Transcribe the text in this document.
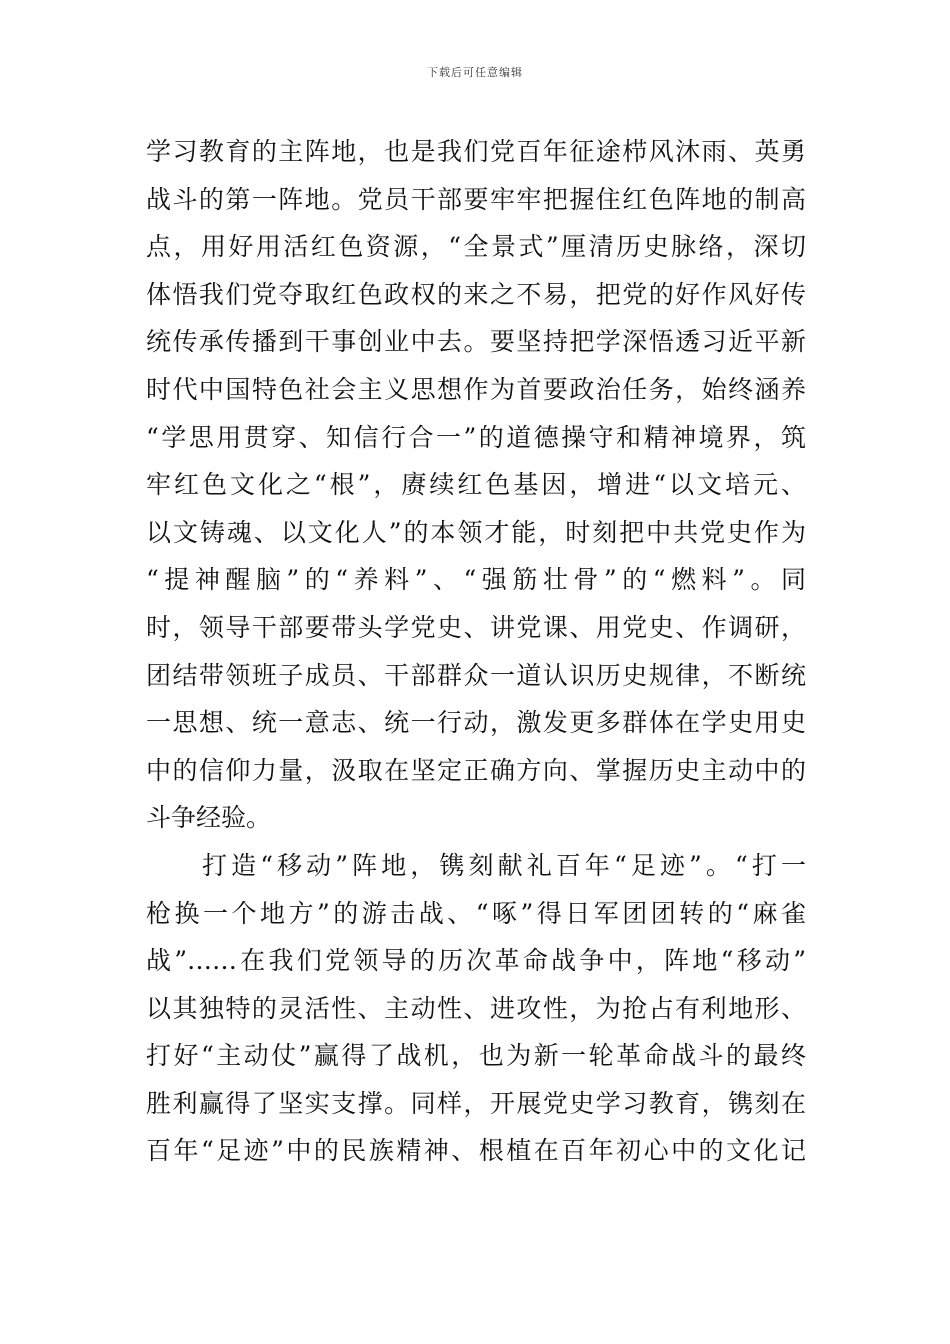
下载后可任意编辑
学习教育的主阵地，也是我们党百年征途栉风沐雨、英勇
战斗的第一阵地。党员干部要牢牢把握住红色阵地的制高
点，用好用活红色资源，“全景式”厘清历史脉络，深切
体悟我们党夺取红色政权的来之不易，把党的好作风好传
统传承传播到干事创业中去。要坚持把学深悟透习近平新
时代中国特色社会主义思想作为首要政治任务，始终涵养
“学思用贯穿、知信行合一”的道德操守和精神境界，筑
牢红色文化之“根”，赓续红色基因，增进“以文培元、
以文铸魂、以文化人”的本领才能，时刻把中共党史作为
“提神醒脑”的“养料”、“强筋壮骨”的“燃料”。同
时，领导干部要带头学党史、讲党课、用党史、作调研，
团结带领班子成员、干部群众一道认识历史规律，不断统
一思想、统一意志、统一行动，激发更多群体在学史用史
中的信仰力量，汲取在坚定正确方向、掌握历史主动中的
斗争经验。
打造“移动”阵地，镌刻献礼百年“足迹”。“打一
枪换一个地方”的游击战、“啄”得日军团团转的“麻雀
战”……在我们党领导的历次革命战争中，阵地“移动”
以其独特的灵活性、主动性、进攻性，为抢占有利地形、
打好“主动仗”赢得了战机，也为新一轮革命战斗的最终
胜利赢得了坚实支撑。同样，开展党史学习教育，镌刻在
百年“足迹”中的民族精神、根植在百年初心中的文化记
